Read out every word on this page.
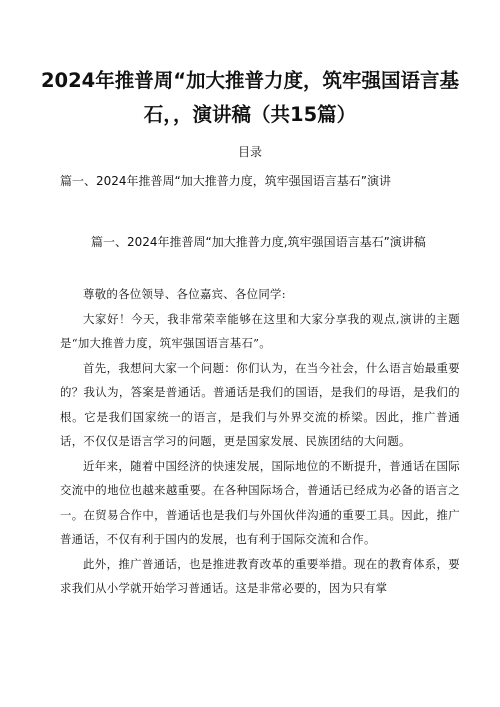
2024年推普周“加大推普力度，筑牢强国语言基石，，演讲稿（共15篇）
目录
篇一、2024年推普周“加大推普力度，筑牢强国语言基石”演讲
篇一、2024年推普周“加大推普力度,筑牢强国语言基石”演讲稿

尊敬的各位领导、各位嘉宾、各位同学:

大家好！今天，我非常荣幸能够在这里和大家分享我的观点,演讲的主题是“加大推普力度，筑牢强国语言基石”。

首先，我想问大家一个问题：你们认为，在当今社会，什么语言始最重要的？我认为，答案是普通话。普通话是我们的国语，是我们的母语，是我们的根。它是我们国家统一的语言，是我们与外界交流的桥梁。因此，推广普通话，不仅仅是语言学习的问题，更是国家发展、民族团结的大问题。

近年来，随着中国经济的快速发展，国际地位的不断提升，普通话在国际交流中的地位也越来越重要。在各种国际场合，普通话已经成为必备的语言之一。在贸易合作中，普通话也是我们与外国伙伴沟通的重要工具。因此，推广普通话，不仅有利于国内的发展，也有利于国际交流和合作。

此外，推广普通话，也是推进教育改革的重要举措。现在的教育体系，要求我们从小学就开始学习普通话。这是非常必要的，因为只有掌
